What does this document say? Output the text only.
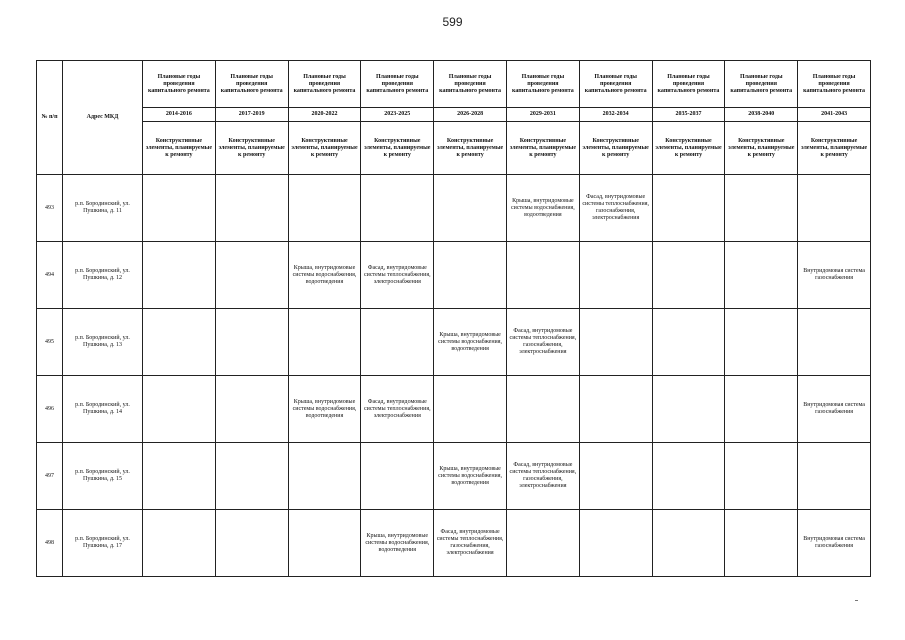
599
№ п/п	Адрес МКД	Плановые годы проведения капитального ремонта	Плановые годы проведения капитального ремонта	Плановые годы проведения капитального ремонта	Плановые годы проведения капитального ремонта	Плановые годы проведения капитального ремонта	Плановые годы проведения капитального ремонта	Плановые годы проведения капитального ремонта	Плановые годы проведения капитального ремонта	Плановые годы проведения капитального ремонта	Плановые годы проведения капитального ремонта
		2014-2016	2017-2019	2020-2022	2023-2025	2026-2028	2029-2031	2032-2034	2035-2037	2038-2040	2041-2043
		Конструктивные элементы, планируемые к ремонту	Конструктивные элементы, планируемые к ремонту	Конструктивные элементы, планируемые к ремонту	Конструктивные элементы, планируемые к ремонту	Конструктивные элементы, планируемые к ремонту	Конструктивные элементы, планируемые к ремонту	Конструктивные элементы, планируемые к ремонту	Конструктивные элементы, планируемые к ремонту	Конструктивные элементы, планируемые к ремонту	Конструктивные элементы, планируемые к ремонту
493	р.п. Бородинский, ул. Пушкина, д. 11						Крыша, внутридомовые системы водоснабжения, водоотведения	Фасад, внутридомовые системы теплоснабжения, газоснабжения, электроснабжения			
494	р.п. Бородинский, ул. Пушкина, д. 12			Крыша, внутридомовые системы водоснабжения, водоотведения	Фасад, внутридомовые системы теплоснабжения, электроснабжения						Внутридомовая система газоснабжения
495	р.п. Бородинский, ул. Пушкина, д. 13					Крыша, внутридомовые системы водоснабжения, водоотведения	Фасад, внутридомовые системы теплоснабжения, газоснабжения, электроснабжения				
496	р.п. Бородинский, ул. Пушкина, д. 14			Крыша, внутридомовые системы водоснабжения, водоотведения	Фасад, внутридомовые системы теплоснабжения, электроснабжения						Внутридомовая система газоснабжения
497	р.п. Бородинский, ул. Пушкина, д. 15					Крыша, внутридомовые системы водоснабжения, водоотведения	Фасад, внутридомовые системы теплоснабжения, газоснабжения, электроснабжения				
498	р.п. Бородинский, ул. Пушкина, д. 17				Крыша, внутридомовые системы водоснабжения, водоотведения	Фасад, внутридомовые системы теплоснабжения, газоснабжения, электроснабжения					Внутридомовая система газоснабжения
